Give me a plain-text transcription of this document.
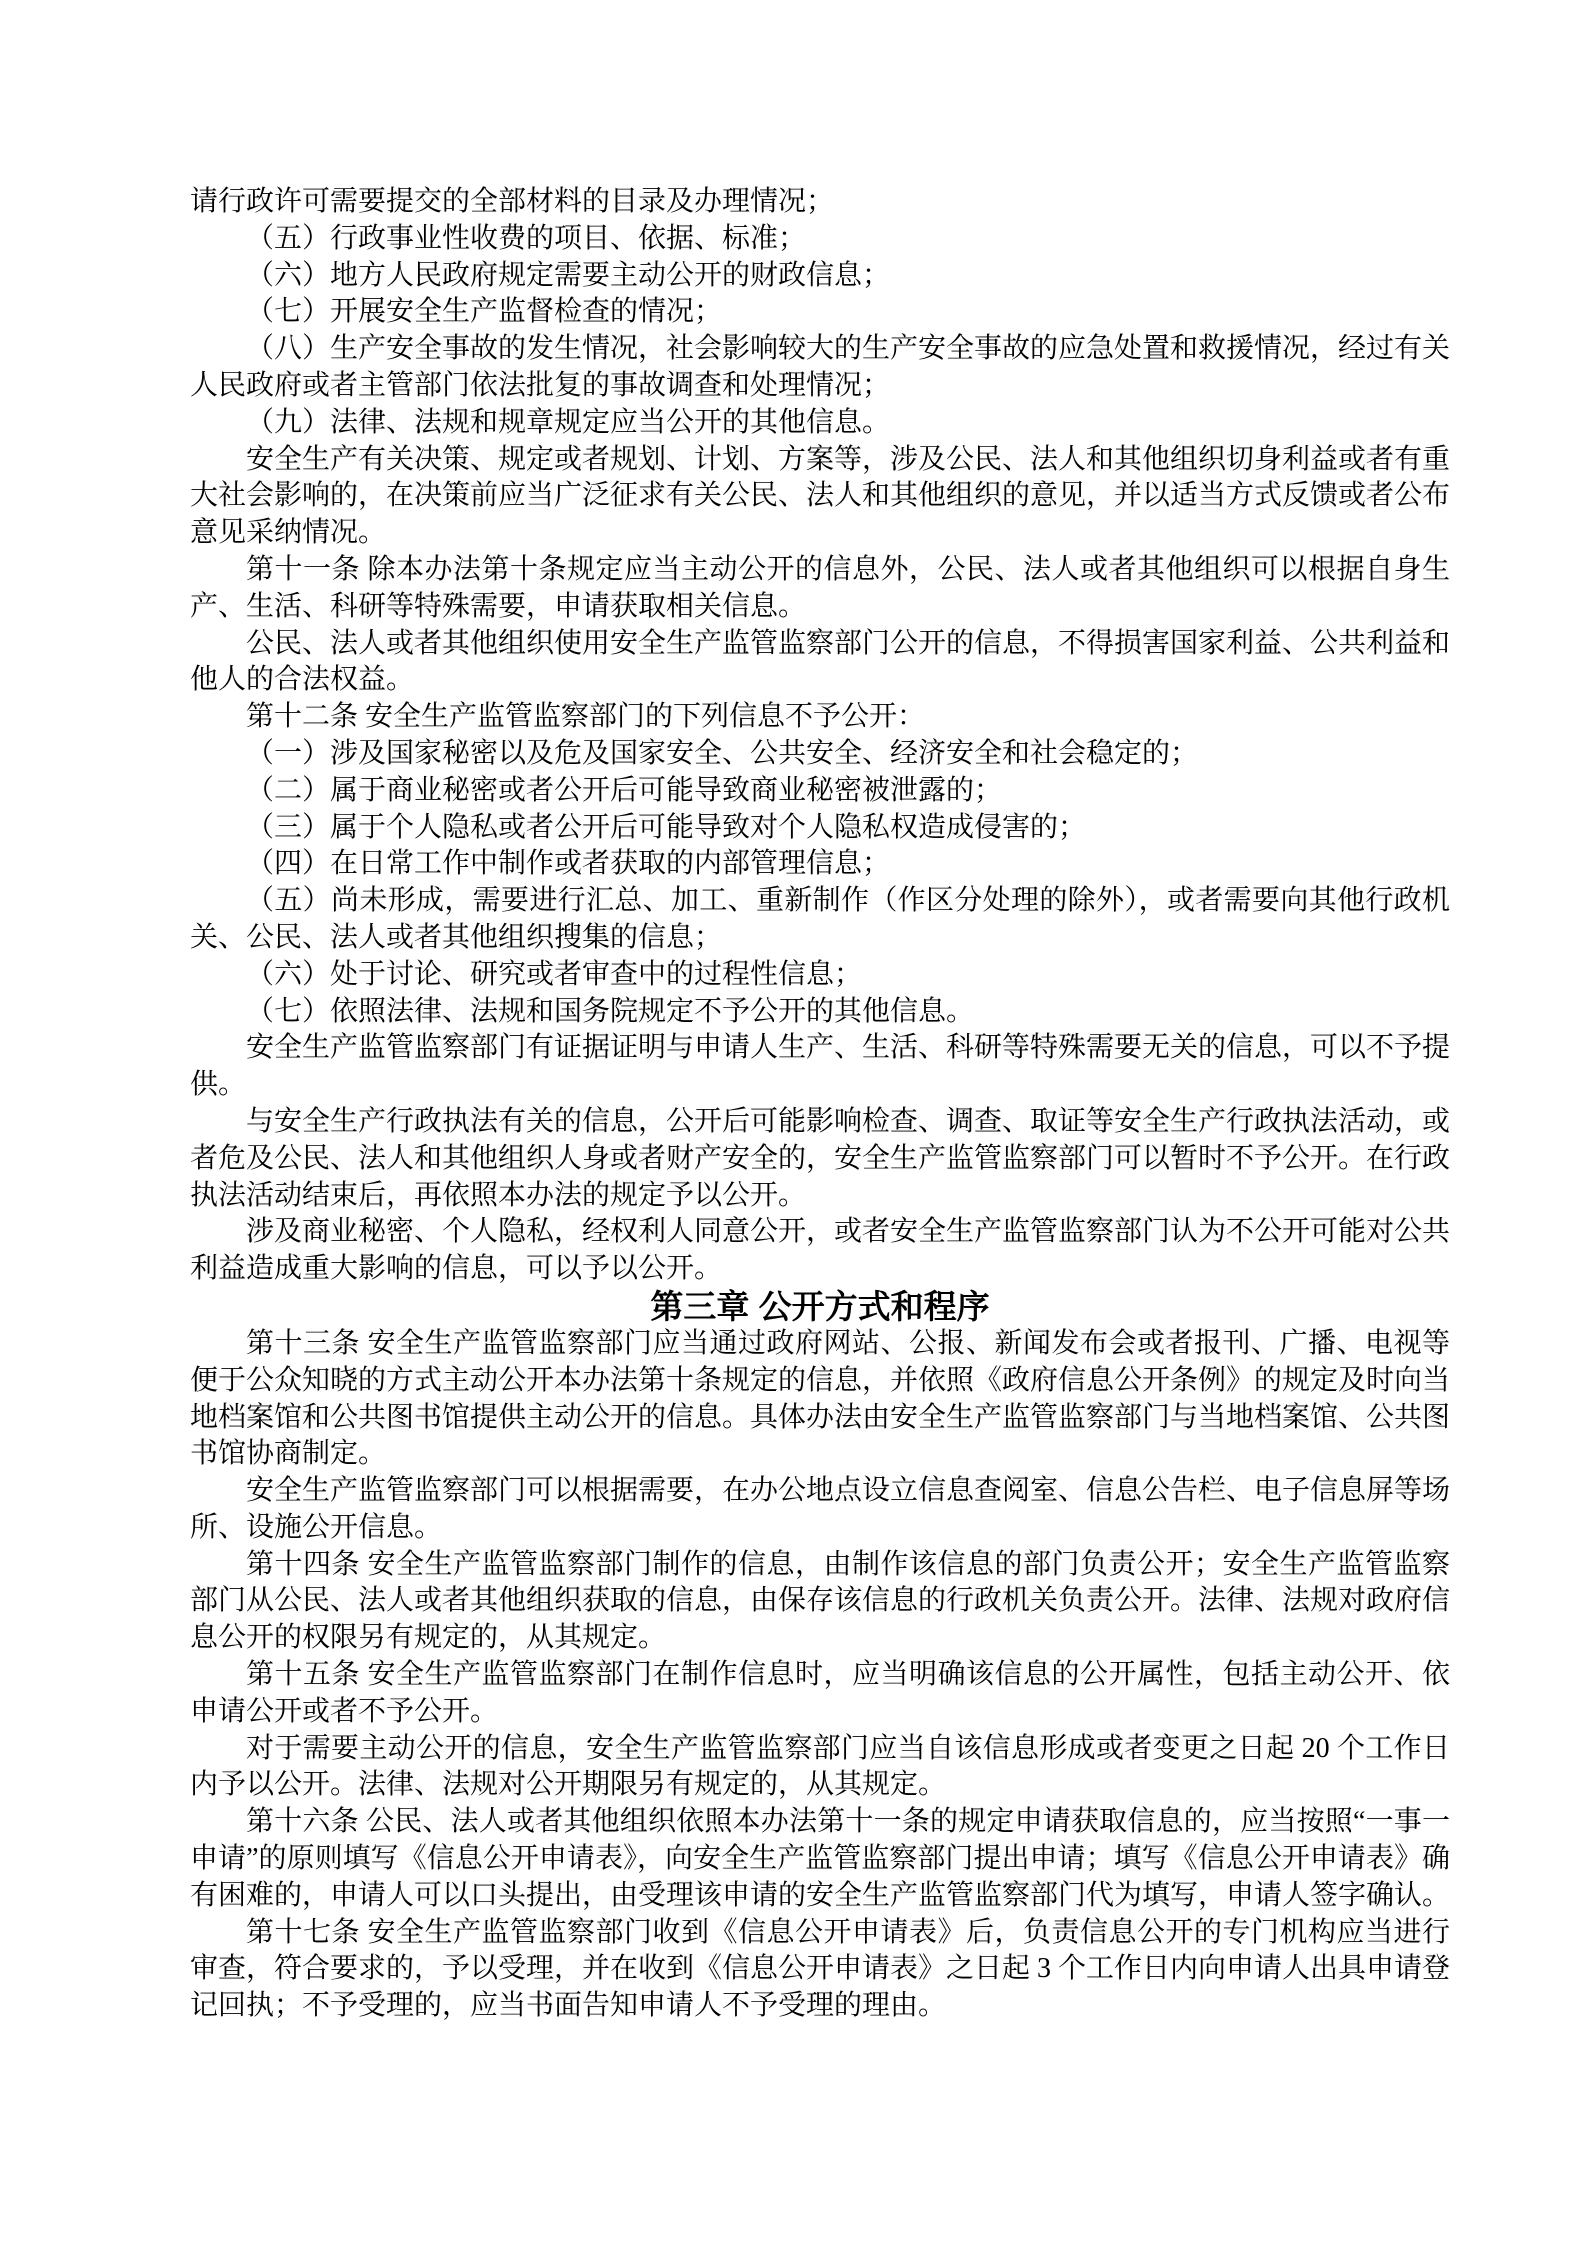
请行政许可需要提交的全部材料的目录及办理情况；

（五）行政事业性收费的项目、依据、标准；

（六）地方人民政府规定需要主动公开的财政信息；

（七）开展安全生产监督检查的情况；

（八）生产安全事故的发生情况，社会影响较大的生产安全事故的应急处置和救援情况，经过有关人民政府或者主管部门依法批复的事故调查和处理情况；

（九）法律、法规和规章规定应当公开的其他信息。

安全生产有关决策、规定或者规划、计划、方案等，涉及公民、法人和其他组织切身利益或者有重大社会影响的，在决策前应当广泛征求有关公民、法人和其他组织的意见，并以适当方式反馈或者公布意见采纳情况。

第十一条 除本办法第十条规定应当主动公开的信息外，公民、法人或者其他组织可以根据自身生产、生活、科研等特殊需要，申请获取相关信息。

公民、法人或者其他组织使用安全生产监管监察部门公开的信息，不得损害国家利益、公共利益和他人的合法权益。

第十二条 安全生产监管监察部门的下列信息不予公开：

（一）涉及国家秘密以及危及国家安全、公共安全、经济安全和社会稳定的；

（二）属于商业秘密或者公开后可能导致商业秘密被泄露的；

（三）属于个人隐私或者公开后可能导致对个人隐私权造成侵害的；

（四）在日常工作中制作或者获取的内部管理信息；

（五）尚未形成，需要进行汇总、加工、重新制作（作区分处理的除外），或者需要向其他行政机关、公民、法人或者其他组织搜集的信息；

（六）处于讨论、研究或者审查中的过程性信息；

（七）依照法律、法规和国务院规定不予公开的其他信息。

安全生产监管监察部门有证据证明与申请人生产、生活、科研等特殊需要无关的信息，可以不予提供。

与安全生产行政执法有关的信息，公开后可能影响检查、调查、取证等安全生产行政执法活动，或者危及公民、法人和其他组织人身或者财产安全的，安全生产监管监察部门可以暂时不予公开。在行政执法活动结束后，再依照本办法的规定予以公开。

涉及商业秘密、个人隐私，经权利人同意公开，或者安全生产监管监察部门认为不公开可能对公共利益造成重大影响的信息，可以予以公开。

第三章 公开方式和程序

第十三条 安全生产监管监察部门应当通过政府网站、公报、新闻发布会或者报刊、广播、电视等便于公众知晓的方式主动公开本办法第十条规定的信息，并依照《政府信息公开条例》的规定及时向当地档案馆和公共图书馆提供主动公开的信息。具体办法由安全生产监管监察部门与当地档案馆、公共图书馆协商制定。

安全生产监管监察部门可以根据需要，在办公地点设立信息查阅室、信息公告栏、电子信息屏等场所、设施公开信息。

第十四条 安全生产监管监察部门制作的信息，由制作该信息的部门负责公开；安全生产监管监察部门从公民、法人或者其他组织获取的信息，由保存该信息的行政机关负责公开。法律、法规对政府信息公开的权限另有规定的，从其规定。

第十五条 安全生产监管监察部门在制作信息时，应当明确该信息的公开属性，包括主动公开、依申请公开或者不予公开。

对于需要主动公开的信息，安全生产监管监察部门应当自该信息形成或者变更之日起 20 个工作日内予以公开。法律、法规对公开期限另有规定的，从其规定。

第十六条 公民、法人或者其他组织依照本办法第十一条的规定申请获取信息的，应当按照“一事一申请”的原则填写《信息公开申请表》，向安全生产监管监察部门提出申请；填写《信息公开申请表》确有困难的，申请人可以口头提出，由受理该申请的安全生产监管监察部门代为填写，申请人签字确认。

第十七条 安全生产监管监察部门收到《信息公开申请表》后，负责信息公开的专门机构应当进行审查，符合要求的，予以受理，并在收到《信息公开申请表》之日起 3 个工作日内向申请人出具申请登记回执；不予受理的，应当书面告知申请人不予受理的理由。
